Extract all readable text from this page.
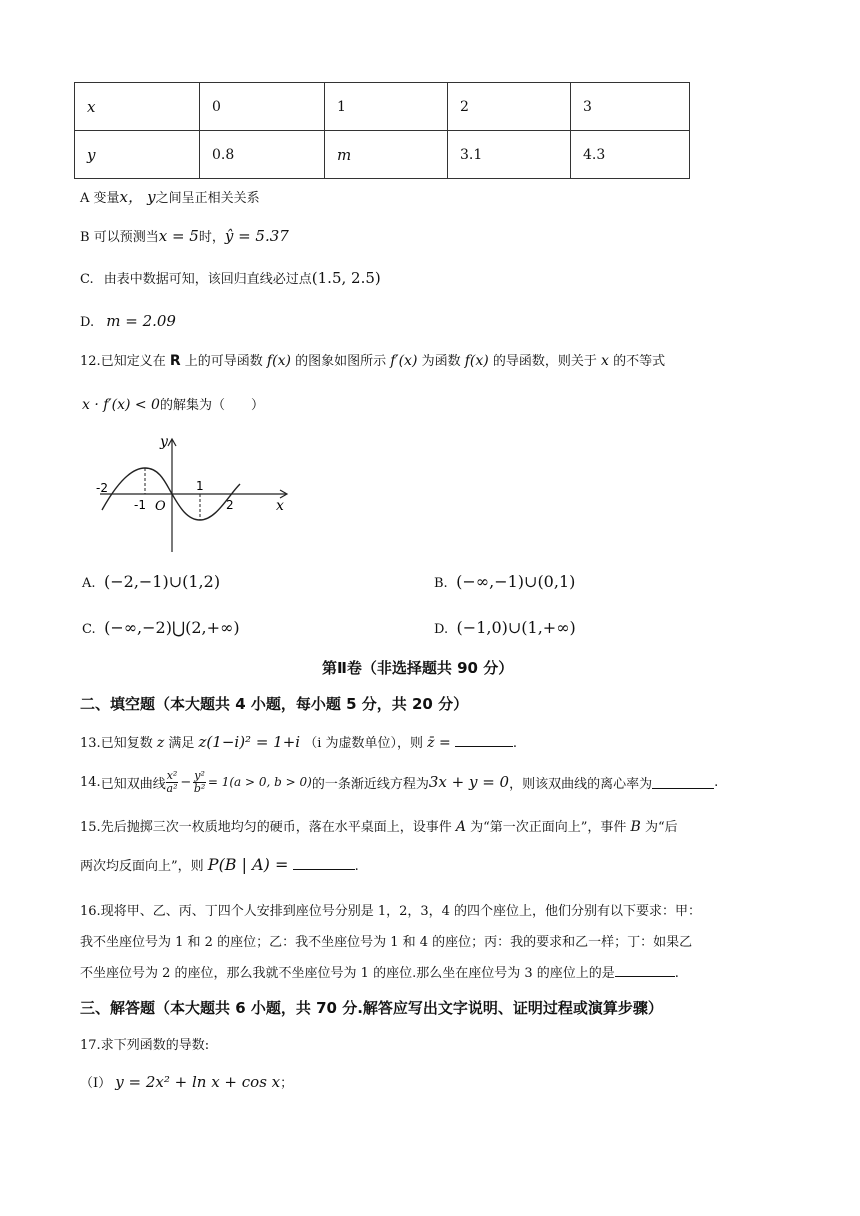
x	0	1	2	3
y	0.8	m	3.1	4.3
A 变量x， y之间呈正相关关系
B 可以预测当x = 5时，ŷ = 5.37
C. 由表中数据可知，该回归直线必过点(1.5, 2.5)
D. m = 2.09
12.已知定义在 R 上的可导函数 f(x) 的图象如图所示 f′(x) 为函数 f(x) 的导函数，则关于 x 的不等式
x · f′(x) < 0的解集为（　　）
y
x
O
-2
-1
1
2
A. (−2,−1)∪(1,2)	B. (−∞,−1)∪(0,1)
C. (−∞,−2)⋃(2,+∞)	D. (−1,0)∪(1,+∞)
第Ⅱ卷（非选择题共 90 分）
二、填空题（本大题共 4 小题，每小题 5 分，共 20 分）
13.已知复数 z 满足 z(1−i)² = 1+i （i 为虚数单位），则 z̄ =	.
14. 已知双曲线 $\frac{\text{x²}}{\text{a²}} - \frac{\text{y²}}{\text{b²}} = 1(a > 0$, b > 0) 的一条渐近线方程为 3x + y = 0 ，则该双曲线的离心率为	.
15.先后抛掷三次一枚质地均匀的硬币，落在水平桌面上，设事件 A 为“第一次正面向上”，事件 B 为“后
两次均反面向上”，则 P(B | A) =	.
16.现将甲、乙、丙、丁四个人安排到座位号分别是 1，2，3，4 的四个座位上，他们分别有以下要求：甲：
我不坐座位号为 1 和 2 的座位；乙：我不坐座位号为 1 和 4 的座位；丙：我的要求和乙一样；丁：如果乙
不坐座位号为 2 的座位，那么我就不坐座位号为 1 的座位.那么坐在座位号为 3 的座位上的是	.
三、解答题（本大题共 6 小题，共 70 分.解答应写出文字说明、证明过程或演算步骤）
17.求下列函数的导数:
（Ⅰ） y = 2x² + ln x + cos x；
